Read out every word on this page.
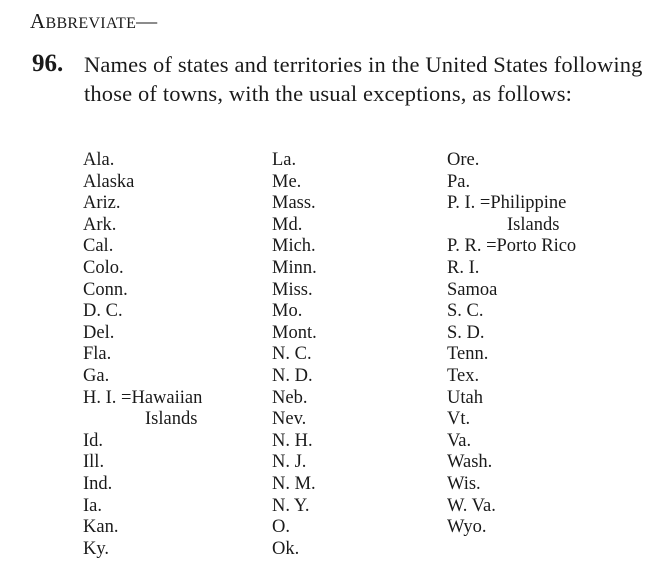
ABBREVIATE—
96. Names of states and territories in the United States following those of towns, with the usual exceptions, as follows:
Ala.
Alaska
Ariz.
Ark.
Cal.
Colo.
Conn.
D. C.
Del.
Fla.
Ga.
H. I. =Hawaiian
Islands
Id.
Ill.
Ind.
Ia.
Kan.
Ky.
La.
Me.
Mass.
Md.
Mich.
Minn.
Miss.
Mo.
Mont.
N. C.
N. D.
Neb.
Nev.
N. H.
N. J.
N. M.
N. Y.
O.
Ok.
Ore.
Pa.
P. I. =Philippine
Islands
P. R. =Porto Rico
R. I.
Samoa
S. C.
S. D.
Tenn.
Tex.
Utah
Vt.
Va.
Wash.
Wis.
W. Va.
Wyo.
